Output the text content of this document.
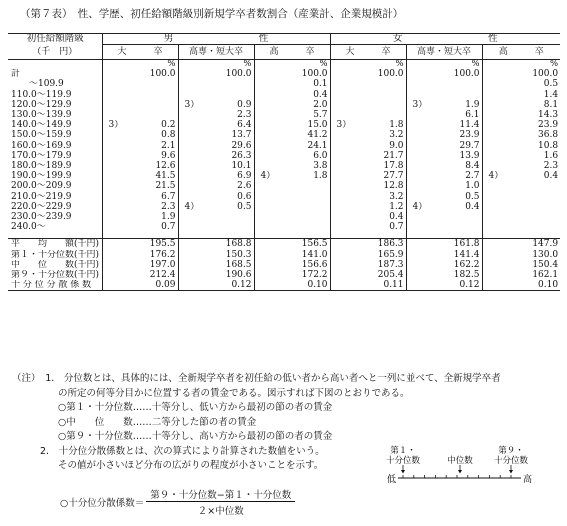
（第７表）　性、学歴、初任給額階級別新規学卒者数割合（産業計、企業規模計）
初任給額階級	男　　　　　　　　　性						女　　　　　　　　　性					
（千　円）	大　　　卒		高専・短大卒		高　　　卒		大　　　卒		高専・短大卒		高　　　卒	
	%		%		%		%		%		%	
計		100.0		100.0		100.0		100.0		100.0		100.0
　　〜109.9						0.1						0.5
110.0〜119.9						0.4						1.4
120.0〜129.9			3）	0.9		2.0			3）	1.9		8.1
130.0〜139.9				2.3		5.7				6.1		14.3
140.0〜149.9	3）	0.2		6.4		15.0	3）	1.8		11.4		23.9
150.0〜159.9		0.8		13.7		41.2		3.2		23.9		36.8
160.0〜169.9		2.1		29.6		24.1		9.0		29.7		10.8
170.0〜179.9		9.6		26.3		6.0		21.7		13.9		1.6
180.0〜189.9		12.6		10.1		3.8		17.8		8.4		2.3
190.0〜199.9		41.5		6.9	4）	1.8		27.7		2.7	4）	0.4
200.0〜209.9		21.5		2.6				12.8		1.0		
210.0〜219.9		6.7		0.6				3.2		0.5		
220.0〜229.9		2.3	4）	0.5				1.2	4）	0.4		
230.0〜239.9		1.9						0.4				
240.0〜		0.7						0.7				

平　　均　　額(千円)		195.5		168.8		156.5		186.3		161.8		147.9
第１・十分位数(千円)		176.2		150.3		141.0		165.9		141.4		130.0
中　　位　　数(千円)		197.0		168.5		156.6		187.3		162.2		150.4
第９・十分位数(千円)		212.4		190.6		172.2		205.4		182.5		162.1
十 分 位 分 散 係 数		0.09		0.12		0.10		0.11		0.12		0.10
（注）　1.　分位数とは、具体的には、全新規学卒者を初任給の低い者から高い者へと一列に並べて、全新規学卒者
の所定の何等分目かに位置する者の賃金である。図示すれば下図のとおりである。
○第１・十分位数……十等分し、低い方から最初の節の者の賃金
○中　　位　　数……二等分した節の者の賃金
○第９・十分位数……十等分し、高い方から最初の節の者の賃金
2.　十分位分散係数とは、次の算式により計算された数値をいう。
その値が小さいほど分布の広がりの程度が小さいことを示す。
第１・
十分位数	中位数
第９・
十分位数
低	高
○十分位分散係数＝
第９・十分位数−第１・十分位数
２×中位数
